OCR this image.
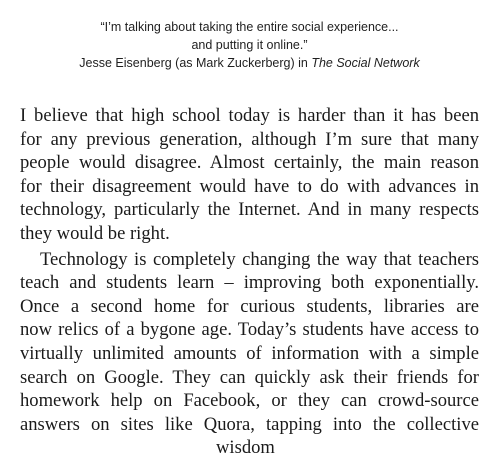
“I’m talking about taking the entire social experience...
and putting it online.”
Jesse Eisenberg (as Mark Zuckerberg) in The Social Network

I believe that high school today is harder than it has been
for any previous generation, although I’m sure that many
people would disagree. Almost certainly, the main reason
for their disagreement would have to do with advances in
technology, particularly the Internet. And in many respects
they would be right.

Technology is completely changing the way that teachers
teach and students learn – improving both exponentially.
Once a second home for curious students, libraries are
now relics of a bygone age. Today’s students have access to
virtually unlimited amounts of information with a simple
search on Google. They can quickly ask their friends for
homework help on Facebook, or they can crowd-source
answers on sites like Quora, tapping into the collective
wisdom
